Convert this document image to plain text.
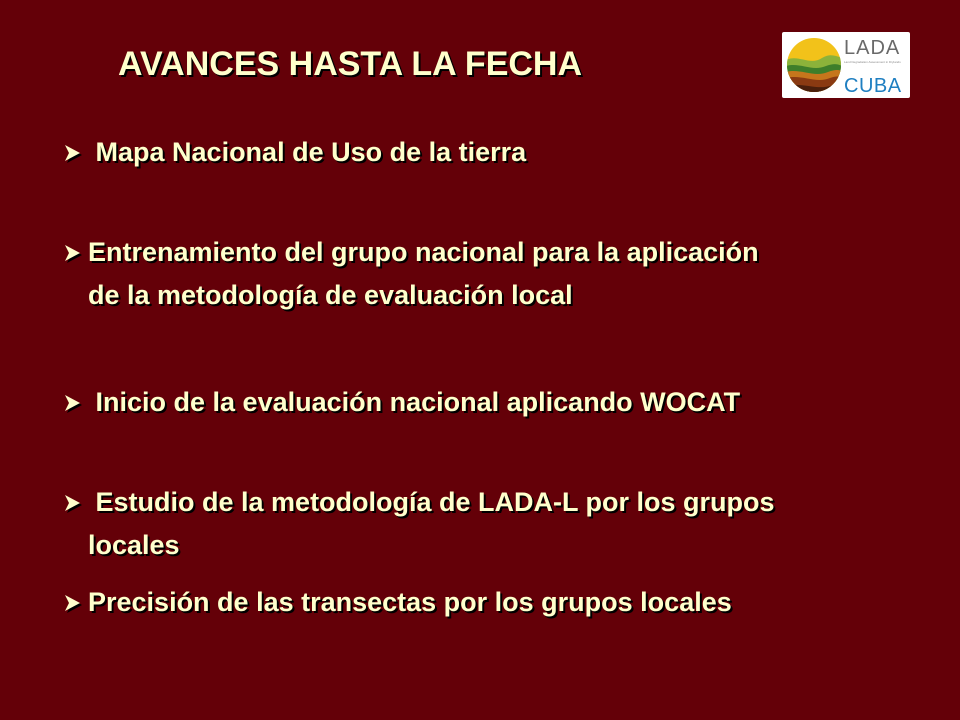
AVANCES HASTA LA FECHA	LADA
Land Degradation Assessment in Drylands
CUBA
Mapa Nacional de Uso de la tierra
Entrenamiento del grupo nacional para la aplicación
de la metodología de evaluación local
Inicio de la evaluación nacional aplicando WOCAT
Estudio de la metodología de LADA-L por los grupos
locales
Precisión de las transectas por los grupos locales
